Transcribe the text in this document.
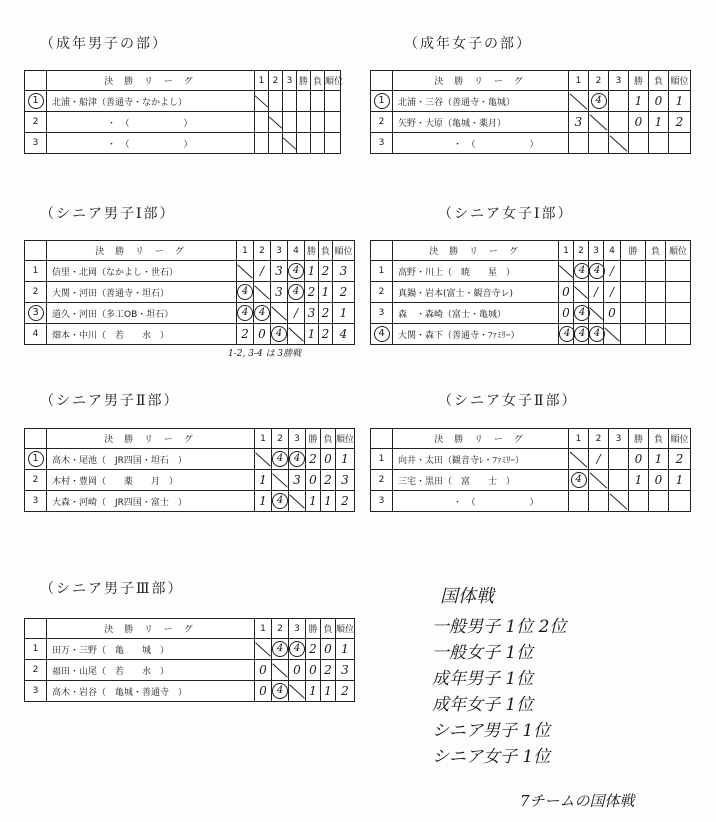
（成年男子の部）
	決 勝 リ ー グ	1	2	3	勝	負	順位
1	北浦・船津（善通寺・なかよし）						
2	・　（　　　　　　）						
3	・　（　　　　　　）						
（成年女子の部）
	決 勝 リ ー グ	1	2	3	勝	負	順位
1	北浦・三谷（善通寺・亀城）		4		1	0	1
2	矢野・大原（亀城・薬月）	3			0	1	2
3	・　（　　　　　　）						
（シニア男子Ⅰ部）
	決 勝 リ ー グ	1	2	3	4	勝	負	順位
1	信里・北岡（なかよし・世石）		/	3	4	1	2	3
2	大関・河田（善通寺・坦石）	4		3	4	2	1	2
3	道久・河田（多工OB・坦石）	4	4		/	3	2	1
4	畑本・中川（　若　　水　）	2	0	4		1	2	4
1-2, 3-4 は 3勝戦
（シニア女子Ⅰ部）
	決 勝 リ ー グ	1	2	3	4	勝	負	順位
1	高野・川上（　暁　　星　）		4	4	/			
2	真鍋・岩本(富士・観音寺レ)	0		/	/			
3	森　・森崎（富士・亀城）	0	4		0			
4	大関・森下（善通寺・ﾌｧﾐﾘｰ）	4	4	4				
（シニア男子Ⅱ部）
	決 勝 リ ー グ	1	2	3	勝	負	順位
1	高木・尾池（　JR四国・坦石　）		4	4	2	0	1
2	木村・豊岡（　　薬　　月　）	1		3	0	2	3
3	大森・河崎（　JR四国・富士　）	1	4		1	1	2
（シニア女子Ⅱ部）
	決 勝 リ ー グ	1	2	3	勝	負	順位
1	向井・太田（観音寺ﾚ・ﾌｧﾐﾘｰ）		/		0	1	2
2	三宅・黒田（　富　　士　）	4			1	0	1
3	・　（　　　　　　）						
（シニア男子Ⅲ部）
	決 勝 リ ー グ	1	2	3	勝	負	順位
1	田万・三野（　亀　　城　）		4	4	2	0	1
2	福田・山尾（　若　　水　）	0		0	0	2	3
3	高木・岩谷（　亀城・善通寺　）	0	4		1	1	2
国体戦
一般男子 1位 2位
一般女子 1位
成年男子 1位
成年女子 1位
シニア男子 1位
シニア女子 1位
7チームの国体戦
